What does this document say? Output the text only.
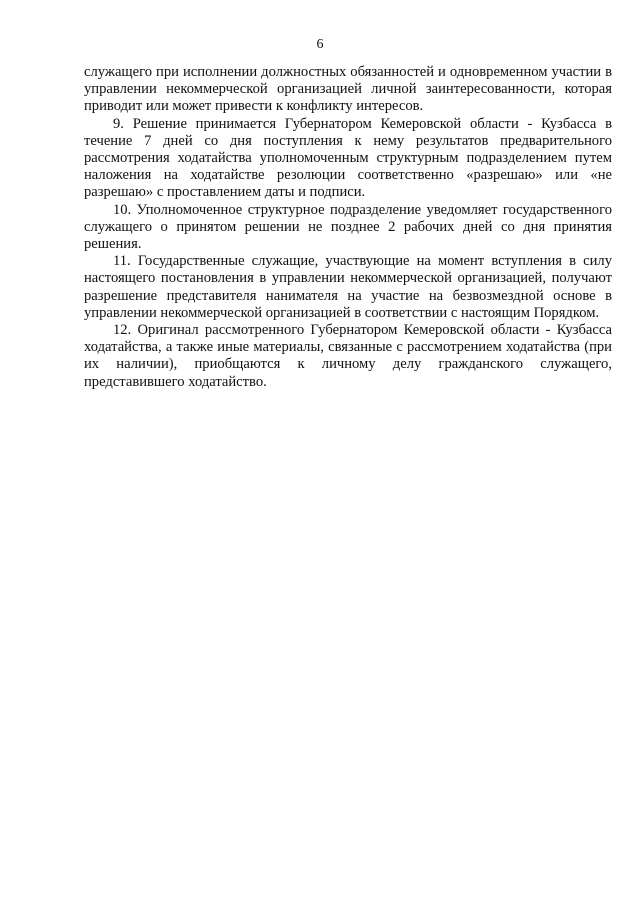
6

служащего при исполнении должностных обязанностей и одновременном участии в управлении некоммерческой организацией личной заинтересованности, которая приводит или может привести к конфликту интересов.

9. Решение принимается Губернатором Кемеровской области - Кузбасса в течение 7 дней со дня поступления к нему результатов предварительного рассмотрения ходатайства уполномоченным структурным подразделением путем наложения на ходатайстве резолюции соответственно «разрешаю» или «не разрешаю» с проставлением даты и подписи.

10. Уполномоченное структурное подразделение уведомляет государственного служащего о принятом решении не позднее 2 рабочих дней со дня принятия решения.

11. Государственные служащие, участвующие на момент вступления в силу настоящего постановления в управлении некоммерческой организацией, получают разрешение представителя нанимателя на участие на безвозмездной основе в управлении некоммерческой организацией в соответствии с настоящим Порядком.

12. Оригинал рассмотренного Губернатором Кемеровской области - Кузбасса ходатайства, а также иные материалы, связанные с рассмотрением ходатайства (при их наличии), приобщаются к личному делу гражданского служащего, представившего ходатайство.
